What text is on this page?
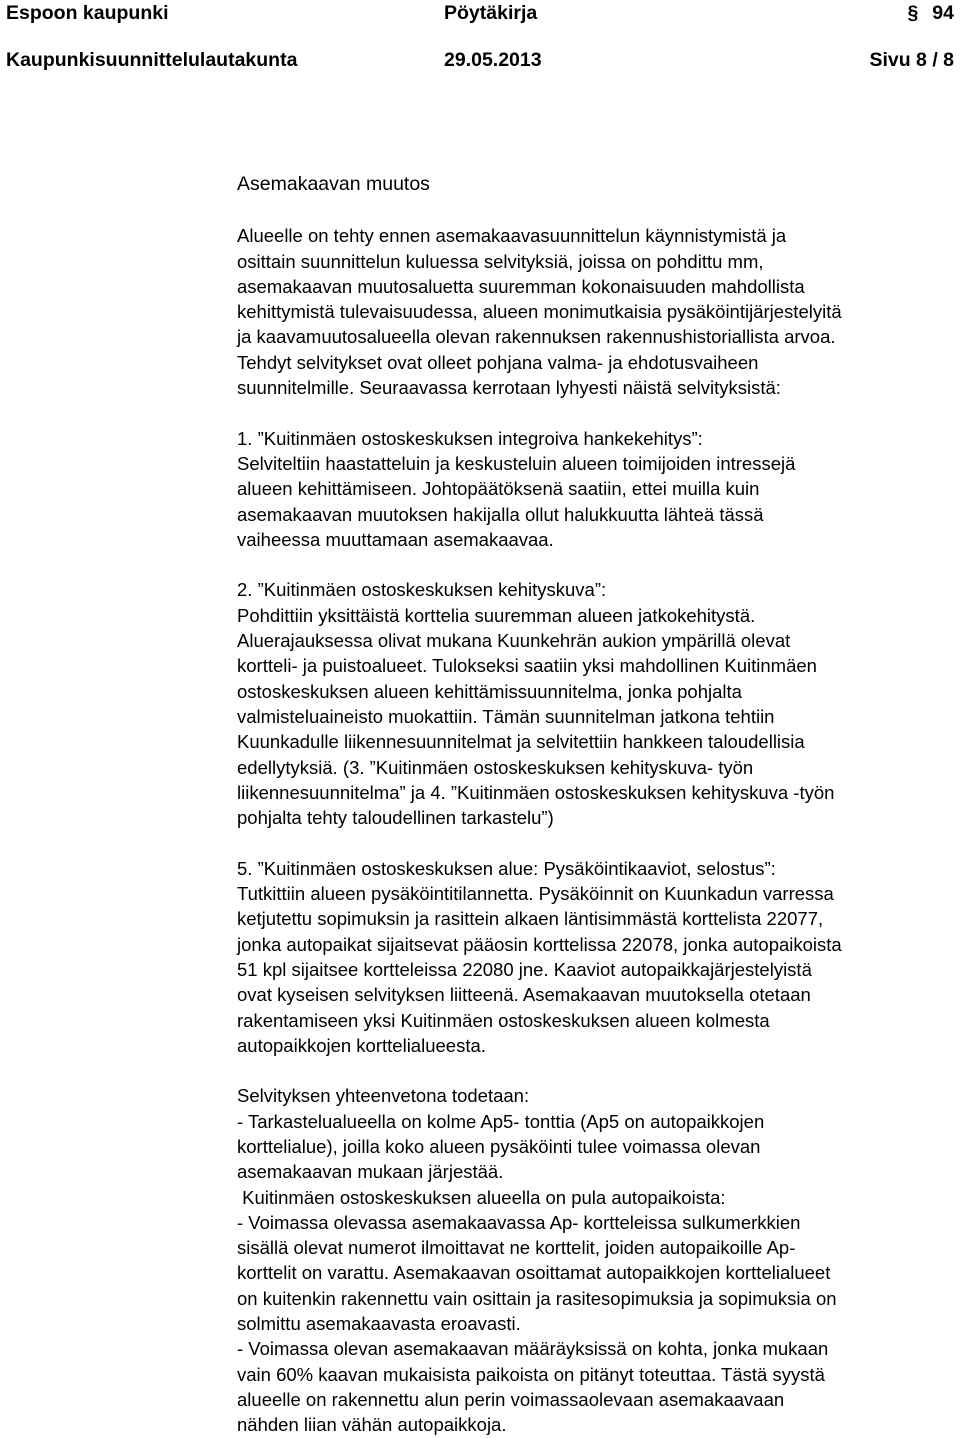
Espoon kaupunki	Pöytäkirja	§ 94
Kaupunkisuunnittelulautakunta	29.05.2013	Sivu 8 / 8

Asemakaavan muutos

Alueelle on tehty ennen asemakaavasuunnittelun käynnistymistä ja
osittain suunnittelun kuluessa selvityksiä, joissa on pohdittu mm,
asemakaavan muutosaluetta suuremman kokonaisuuden mahdollista
kehittymistä tulevaisuudessa, alueen monimutkaisia pysäköintijärjestelyitä
ja kaavamuutosalueella olevan rakennuksen rakennushistoriallista arvoa.
Tehdyt selvitykset ovat olleet pohjana valma- ja ehdotusvaiheen
suunnitelmille. Seuraavassa kerrotaan lyhyesti näistä selvityksistä:

1. ”Kuitinmäen ostoskeskuksen integroiva hankekehitys”:
Selviteltiin haastatteluin ja keskusteluin alueen toimijoiden intressejä
alueen kehittämiseen. Johtopäätöksenä saatiin, ettei muilla kuin
asemakaavan muutoksen hakijalla ollut halukkuutta lähteä tässä
vaiheessa muuttamaan asemakaavaa.

2. ”Kuitinmäen ostoskeskuksen kehityskuva”:
Pohdittiin yksittäistä korttelia suuremman alueen jatkokehitystä.
Aluerajauksessa olivat mukana Kuunkehrän aukion ympärillä olevat
kortteli- ja puistoalueet. Tulokseksi saatiin yksi mahdollinen Kuitinmäen
ostoskeskuksen alueen kehittämissuunnitelma, jonka pohjalta
valmisteluaineisto muokattiin. Tämän suunnitelman jatkona tehtiin
Kuunkadulle liikennesuunnitelmat ja selvitettiin hankkeen taloudellisia
edellytyksiä. (3. ”Kuitinmäen ostoskeskuksen kehityskuva- työn
liikennesuunnitelma” ja 4. ”Kuitinmäen ostoskeskuksen kehityskuva -työn
pohjalta tehty taloudellinen tarkastelu”)

5. ”Kuitinmäen ostoskeskuksen alue: Pysäköintikaaviot, selostus”:
Tutkittiin alueen pysäköintitilannetta. Pysäköinnit on Kuunkadun varressa
ketjutettu sopimuksin ja rasittein alkaen läntisimmästä korttelista 22077,
jonka autopaikat sijaitsevat pääosin korttelissa 22078, jonka autopaikoista
51 kpl sijaitsee kortteleissa 22080 jne. Kaaviot autopaikkajärjestelyistä
ovat kyseisen selvityksen liitteenä. Asemakaavan muutoksella otetaan
rakentamiseen yksi Kuitinmäen ostoskeskuksen alueen kolmesta
autopaikkojen korttelialueesta.

Selvityksen yhteenvetona todetaan:
- Tarkastelualueella on kolme Ap5- tonttia (Ap5 on autopaikkojen
korttelialue), joilla koko alueen pysäköinti tulee voimassa olevan
asemakaavan mukaan järjestää.
Kuitinmäen ostoskeskuksen alueella on pula autopaikoista:
- Voimassa olevassa asemakaavassa Ap- kortteleissa sulkumerkkien
sisällä olevat numerot ilmoittavat ne korttelit, joiden autopaikoille Ap-
korttelit on varattu. Asemakaavan osoittamat autopaikkojen korttelialueet
on kuitenkin rakennettu vain osittain ja rasitesopimuksia ja sopimuksia on
solmittu asemakaavasta eroavasti.
- Voimassa olevan asemakaavan määräyksissä on kohta, jonka mukaan
vain 60% kaavan mukaisista paikoista on pitänyt toteuttaa. Tästä syystä
alueelle on rakennettu alun perin voimassaolevaan asemakaavaan
nähden liian vähän autopaikkoja.
